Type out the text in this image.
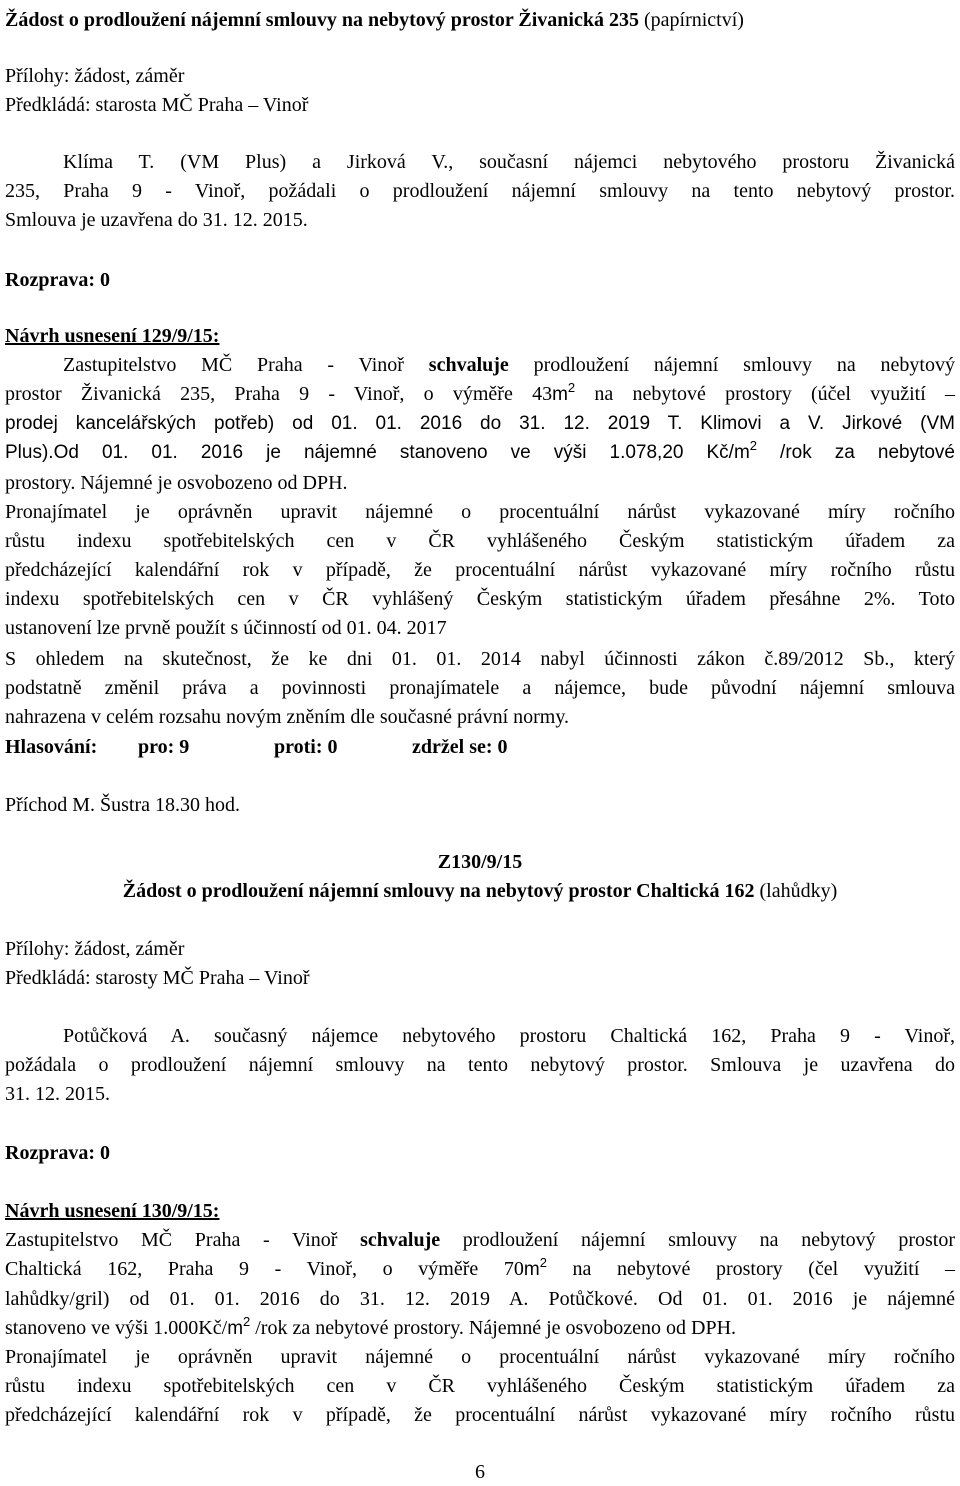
Žádost o prodloužení nájemní smlouvy na nebytový prostor Živanická 235 (papírnictví)
Přílohy: žádost, záměr
Předkládá: starosta MČ Praha – Vinoř
Klíma T. (VM Plus) a Jirková V., současní nájemci nebytového prostoru Živanická
235, Praha 9 - Vinoř, požádali o prodloužení nájemní smlouvy na tento nebytový prostor.
Smlouva je uzavřena do 31. 12. 2015.
Rozprava: 0
Návrh usnesení 129/9/15:
Zastupitelstvo MČ Praha - Vinoř schvaluje prodloužení nájemní smlouvy na nebytový
prostor Živanická 235, Praha 9 - Vinoř, o výměře $43m^2$ na nebytové prostory (účel využití –
prodej kancelářských potřeb) od 01. 01. 2016 do 31. 12. 2019 T. Klimovi a V. Jirkové (VM
Plus).Od 01. 01. 2016 je nájemné stanoveno ve výši 1.078,20 $Kč/m^2$ /rok za nebytové
prostory. Nájemné je osvobozeno od DPH.
Pronajímatel je oprávněn upravit nájemné o procentuální nárůst vykazované míry ročního
růstu indexu spotřebitelských cen v ČR vyhlášeného Českým statistickým úřadem za
předcházející kalendářní rok v případě, že procentuální nárůst vykazované míry ročního růstu
indexu spotřebitelských cen v ČR vyhlášený Českým statistickým úřadem přesáhne 2%. Toto
ustanovení lze prvně použít s účinností od 01. 04. 2017
S ohledem na skutečnost, že ke dni 01. 01. 2014 nabyl účinnosti zákon č.89/2012 Sb., který
podstatně změnil práva a povinnosti pronajímatele a nájemce, bude původní nájemní smlouva
nahrazena v celém rozsahu novým zněním dle současné právní normy.
Hlasování: pro: 9	proti: 0	zdržel se: 0
Příchod M. Šustra 18.30 hod.
Z130/9/15
Žádost o prodloužení nájemní smlouvy na nebytový prostor Chaltická 162 (lahůdky)
Přílohy: žádost, záměr
Předkládá: starosty MČ Praha – Vinoř
Potůčková A. současný nájemce nebytového prostoru Chaltická 162, Praha 9 - Vinoř,
požádala o prodloužení nájemní smlouvy na tento nebytový prostor. Smlouva je uzavřena do
31. 12. 2015.
Rozprava: 0
Návrh usnesení 130/9/15:
Zastupitelstvo MČ Praha - Vinoř schvaluje prodloužení nájemní smlouvy na nebytový prostor
Chaltická 162, Praha 9 - Vinoř, o výměře $70m^2$ na nebytové prostory (čel využití –
lahůdky/gril) od 01. 01. 2016 do 31. 12. 2019 A. Potůčkové. Od 01. 01. 2016 je nájemné
stanoveno ve výši $1.000Kč/m^2$ /rok za nebytové prostory. Nájemné je osvobozeno od DPH.
Pronajímatel je oprávněn upravit nájemné o procentuální nárůst vykazované míry ročního
růstu indexu spotřebitelských cen v ČR vyhlášeného Českým statistickým úřadem za
předcházející kalendářní rok v případě, že procentuální nárůst vykazované míry ročního růstu
6
